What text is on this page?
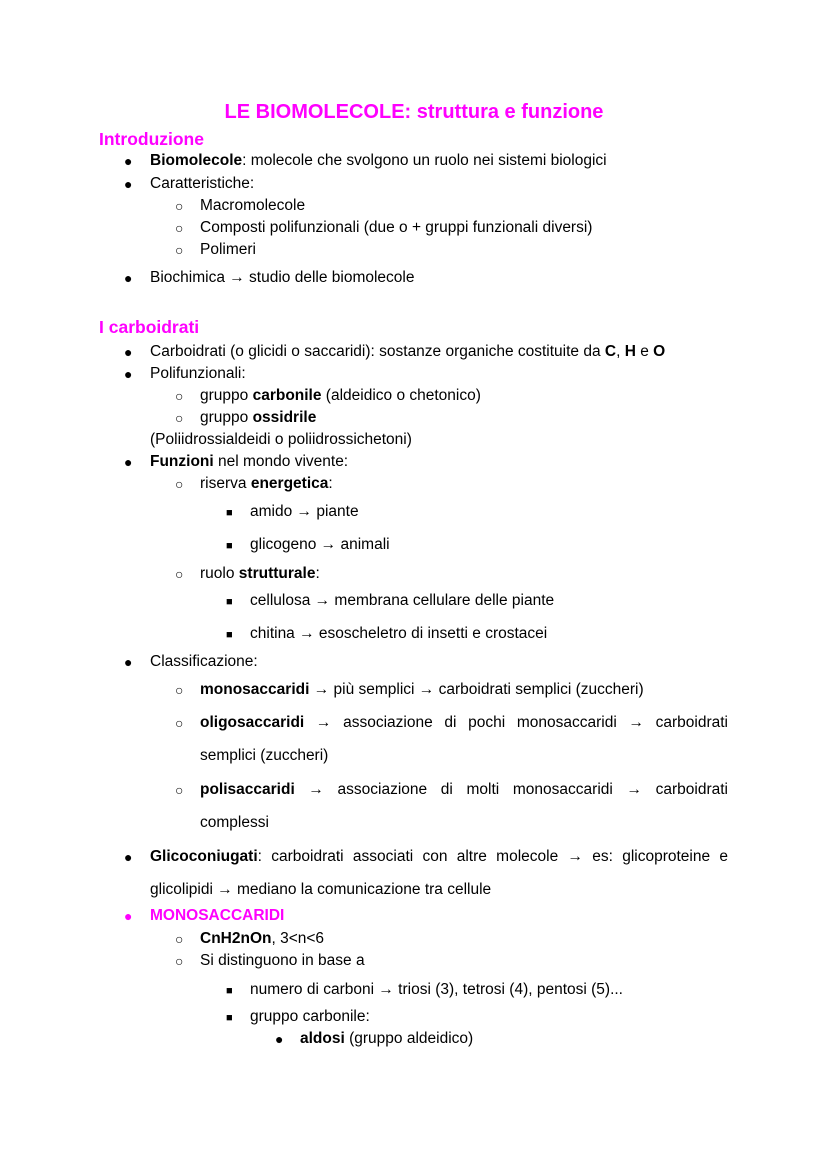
LE BIOMOLECOLE: struttura e funzione
Introduzione
● Biomolecole: molecole che svolgono un ruolo nei sistemi biologici
● Caratteristiche:
○ Macromolecole
○ Composti polifunzionali (due o + gruppi funzionali diversi)
○ Polimeri
● Biochimica → studio delle biomolecole
I carboidrati
● Carboidrati (o glicidi o saccaridi): sostanze organiche costituite da C, H e O
● Polifunzionali:
○ gruppo carbonile (aldeidico o chetonico)
○ gruppo ossidrile
(Poliidrossialdeidi o poliidrossichetoni)
● Funzioni nel mondo vivente:
○ riserva energetica:
■ amido → piante
■ glicogeno → animali
○ ruolo strutturale:
■ cellulosa → membrana cellulare delle piante
■ chitina → esoscheletro di insetti e crostacei
● Classificazione:
○ monosaccaridi → più semplici → carboidrati semplici (zuccheri)
○ oligosaccaridi → associazione di pochi monosaccaridi → carboidrati
semplici (zuccheri)
○ polisaccaridi → associazione di molti monosaccaridi → carboidrati
complessi
● Glicoconiugati: carboidrati associati con altre molecole → es: glicoproteine e
glicolipidi → mediano la comunicazione tra cellule
● MONOSACCARIDI
○ CnH2nOn, 3<n<6
○ Si distinguono in base a
■ numero di carboni → triosi (3), tetrosi (4), pentosi (5)...
■ gruppo carbonile:
● aldosi (gruppo aldeidico)
